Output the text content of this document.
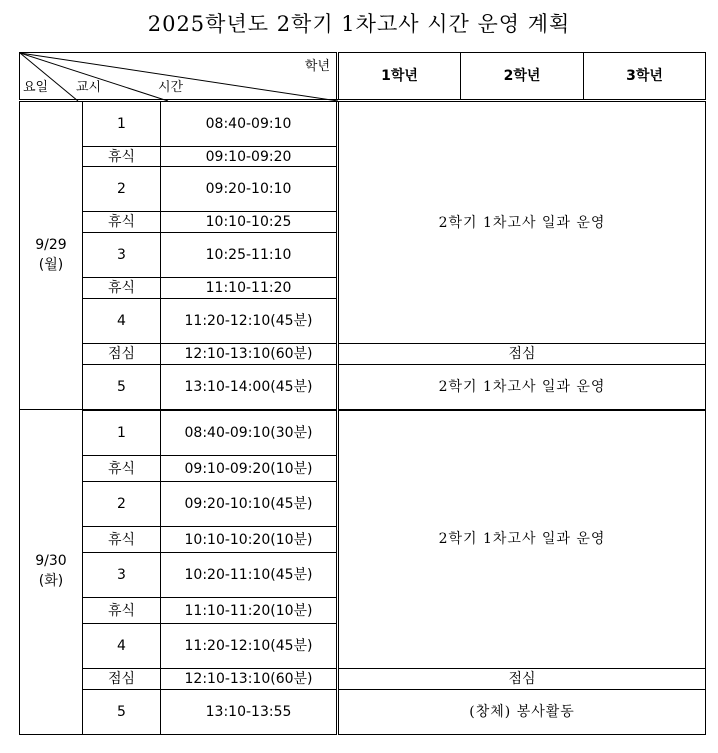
2025학년도 2학기 1차고사 시간 운영 계획
학년
요일 교시 시간			1학년	2학년	3학년

9/29
(월)	1	08:40-09:10	2학기 1차고사 일과 운영		
	휴식	09:10-09:20			
	2	09:20-10:10			
	휴식	10:10-10:25			
	3	10:25-11:10			
	휴식	11:10-11:20			
	4	11:20-12:10(45분)			
	점심	12:10-13:10(60분)	점심		
	5	13:10-14:00(45분)	2학기 1차고사 일과 운영		

9/30
(화)	1	08:40-09:10(30분)	2학기 1차고사 일과 운영		
	휴식	09:10-09:20(10분)			
	2	09:20-10:10(45분)			
	휴식	10:10-10:20(10분)			
	3	10:20-11:10(45분)			
	휴식	11:10-11:20(10분)			
	4	11:20-12:10(45분)			
	점심	12:10-13:10(60분)	점심		
	5	13:10-13:55	(창체) 봉사활동		
